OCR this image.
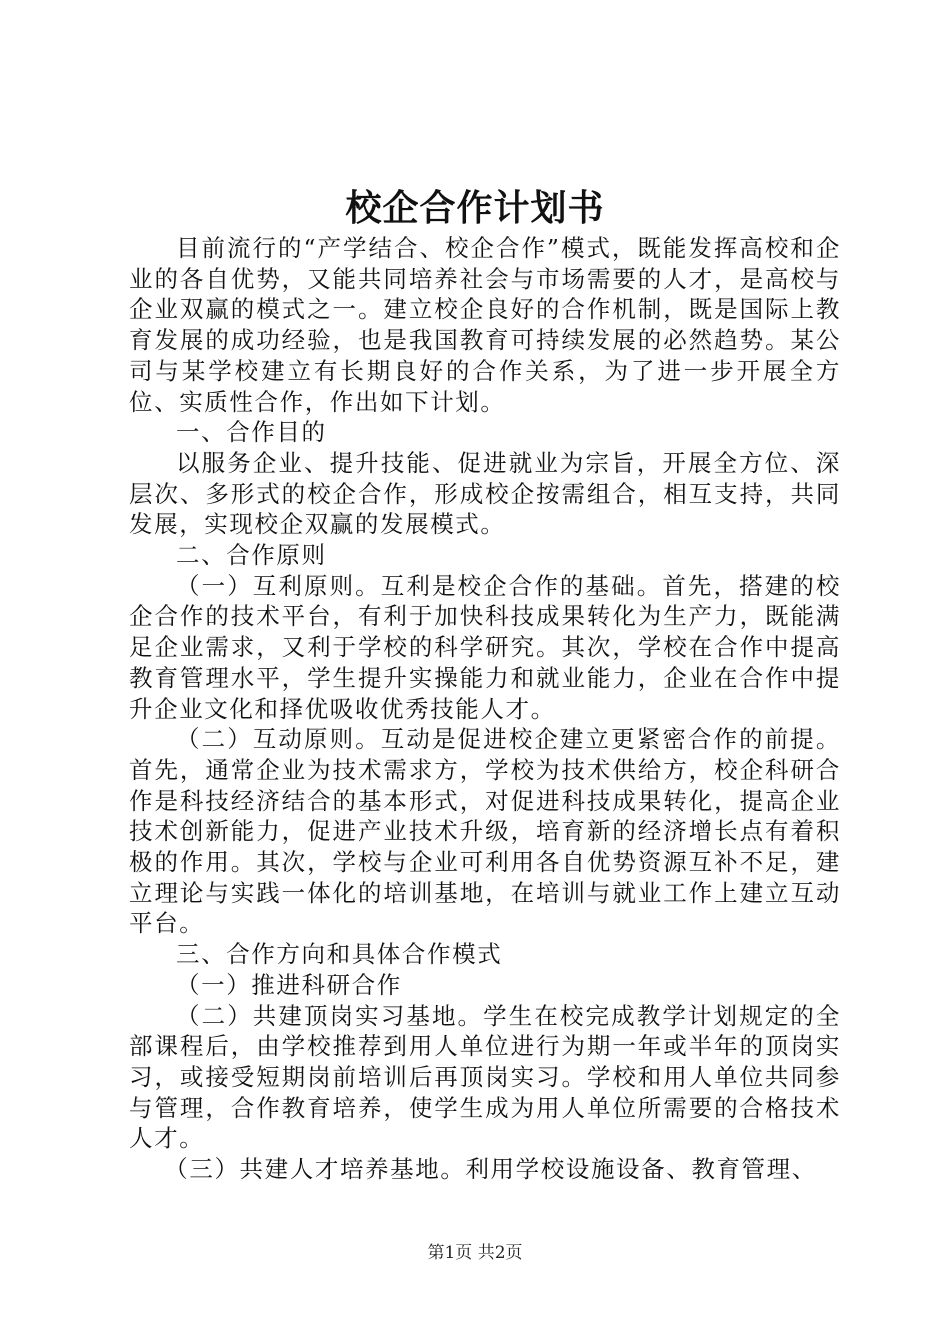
校企合作计划书

目前流行的“产学结合、校企合作”模式，既能发挥高校和企业的各自优势，又能共同培养社会与市场需要的人才，是高校与企业双赢的模式之一。建立校企良好的合作机制，既是国际上教育发展的成功经验，也是我国教育可持续发展的必然趋势。某公司与某学校建立有长期良好的合作关系，为了进一步开展全方位、实质性合作，作出如下计划。

一、合作目的

以服务企业、提升技能、促进就业为宗旨，开展全方位、深层次、多形式的校企合作，形成校企按需组合，相互支持，共同发展，实现校企双赢的发展模式。

二、合作原则

（一）互利原则。互利是校企合作的基础。首先，搭建的校企合作的技术平台，有利于加快科技成果转化为生产力，既能满足企业需求，又利于学校的科学研究。其次，学校在合作中提高教育管理水平，学生提升实操能力和就业能力，企业在合作中提升企业文化和择优吸收优秀技能人才。

（二）互动原则。互动是促进校企建立更紧密合作的前提。首先，通常企业为技术需求方，学校为技术供给方，校企科研合作是科技经济结合的基本形式，对促进科技成果转化，提高企业技术创新能力，促进产业技术升级，培育新的经济增长点有着积极的作用。其次，学校与企业可利用各自优势资源互补不足，建立理论与实践一体化的培训基地，在培训与就业工作上建立互动平台。

三、合作方向和具体合作模式

（一）推进科研合作

（二）共建顶岗实习基地。学生在校完成教学计划规定的全部课程后，由学校推荐到用人单位进行为期一年或半年的顶岗实习，或接受短期岗前培训后再顶岗实习。学校和用人单位共同参与管理，合作教育培养，使学生成为用人单位所需要的合格技术人才。

（三）共建人才培养基地。利用学校设施设备、教育管理、

第1页 共2页
